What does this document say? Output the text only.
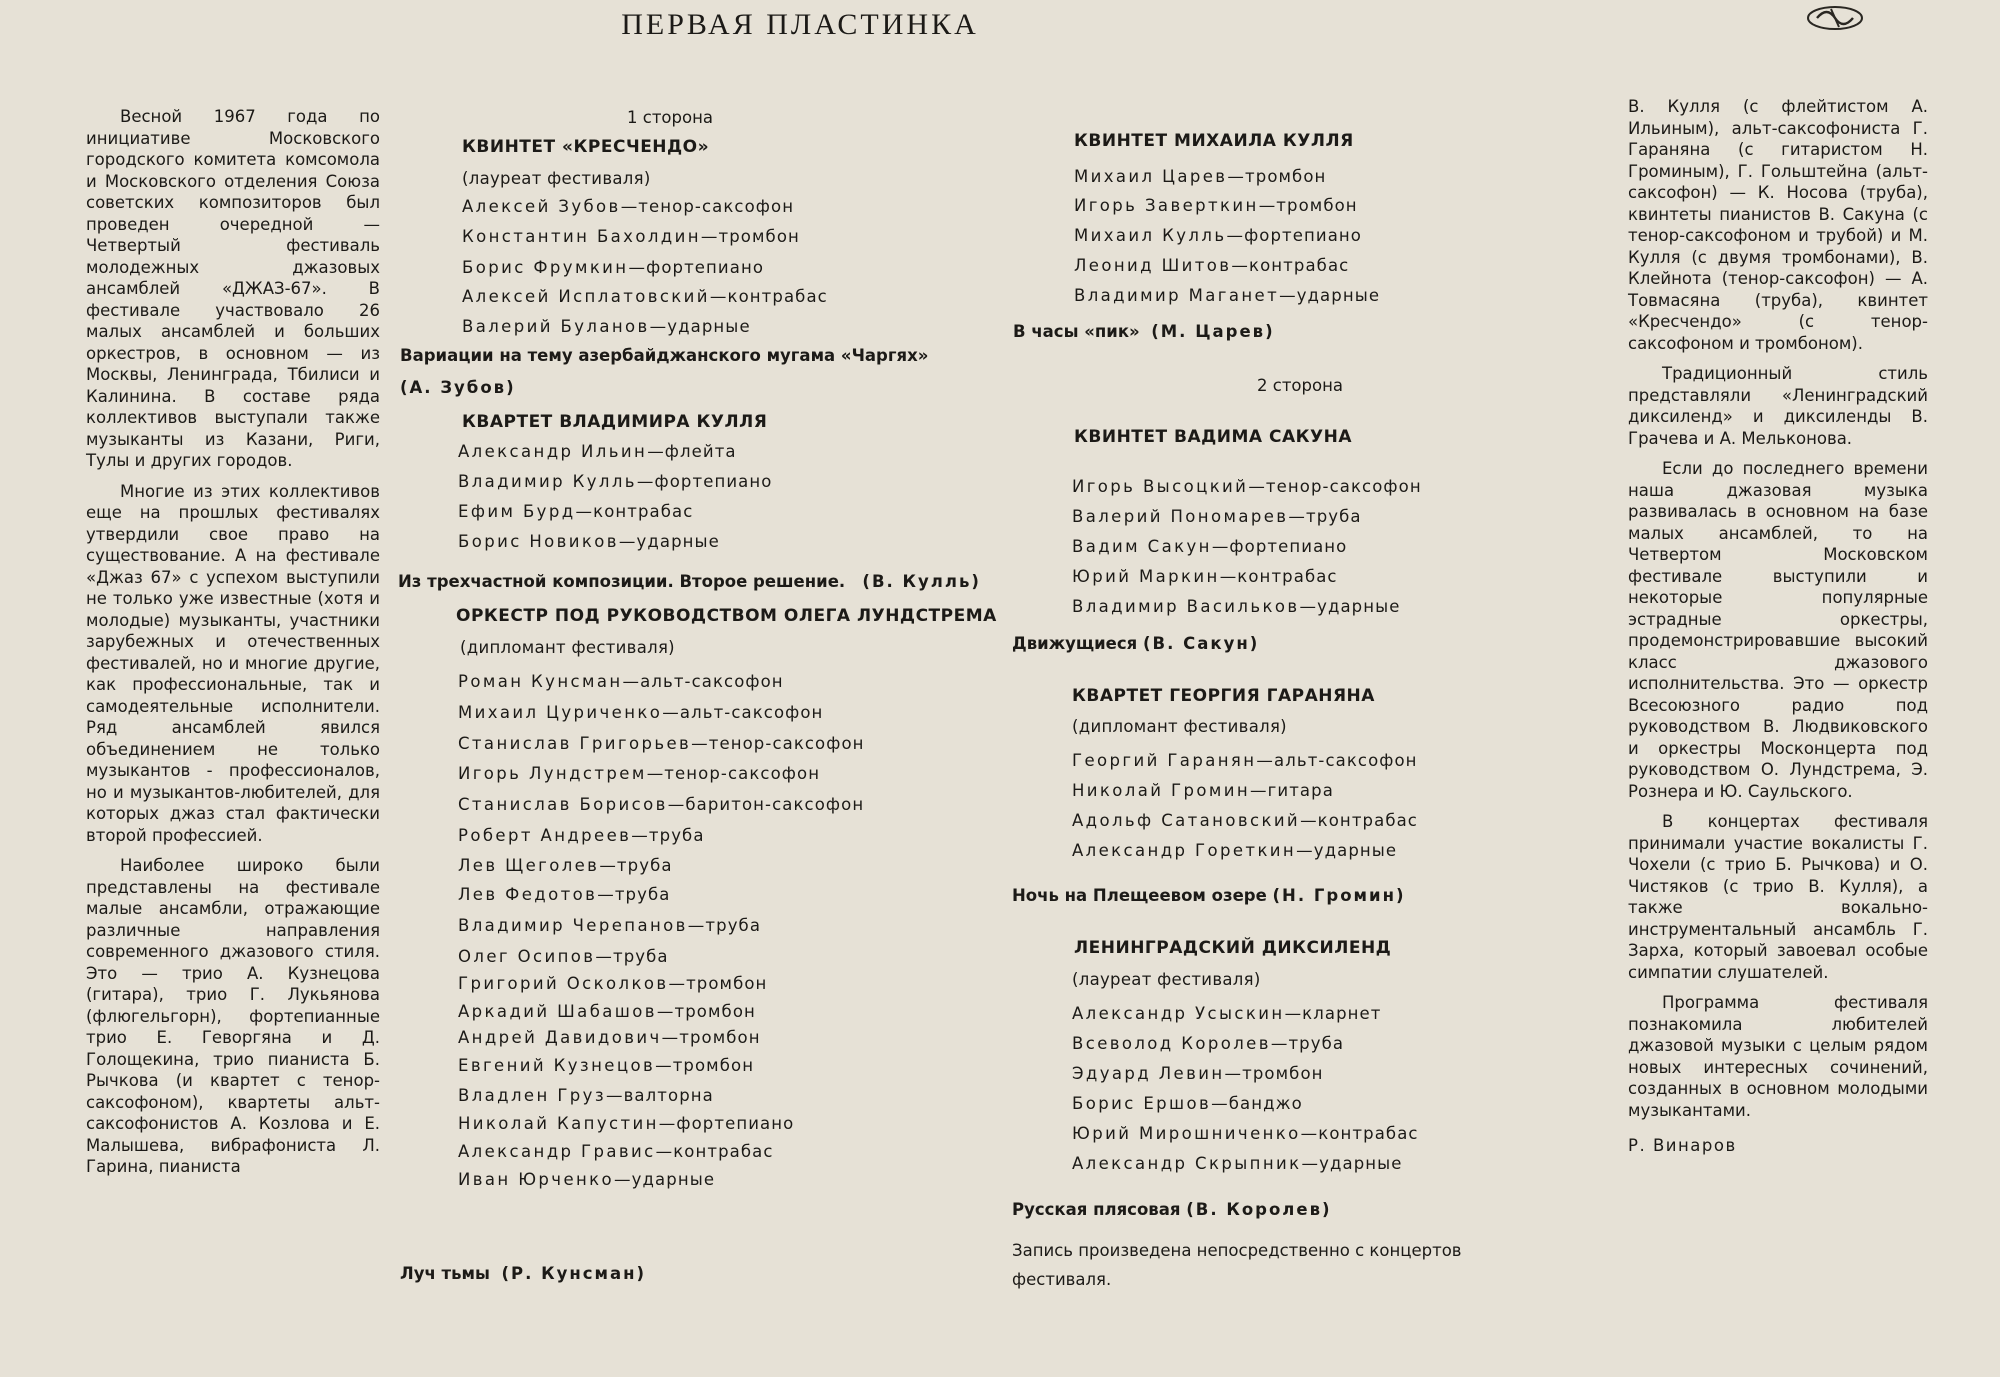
ПЕРВАЯ ПЛАСТИНКА

Весной 1967 года по инициативе Московского городского комитета комсомола и Московского отделения Союза советских композиторов был проведен очередной — Четвертый фестиваль молодежных джазовых ансамблей «ДЖАЗ-67». В фестивале участвовало 26 малых ансамблей и больших оркестров, в основном — из Москвы, Ленинграда, Тбилиси и Калинина. В составе ряда коллективов выступали также музыканты из Казани, Риги, Тулы и других городов.

Многие из этих коллективов еще на прошлых фестивалях утвердили свое право на существование. А на фестивале «Джаз 67» с успехом выступили не только уже известные (хотя и молодые) музыканты, участники зарубежных и отечественных фестивалей, но и многие другие, как профессиональные, так и самодеятельные исполнители. Ряд ансамблей явился объединением не только музыкантов - профессионалов, но и музыкантов-любителей, для которых джаз стал фактически второй профессией.

Наиболее широко были представлены на фестивале малые ансамбли, отражающие различные направления современного джазового стиля. Это — трио А. Кузнецова (гитара), трио Г. Лукьянова (флюгельгорн), фортепианные трио Е. Геворгяна и Д. Голощекина, трио пианиста Б. Рычкова (и квартет с тенор-саксофоном), квартеты альт-саксофонистов А. Козлова и Е. Малышева, вибрафониста Л. Гарина, пианиста

1 сторона
КВИНТЕТ «КРЕСЧЕНДО»
(лауреат фестиваля)
Алексей Зубов—тенор-саксофон
Константин Бахолдин—тромбон
Борис Фрумкин—фортепиано
Алексей Исплатовский—контрабас
Валерий Буланов—ударные
Вариации на тему азербайджанского мугама «Чаргях»
(А. Зубов)
КВАРТЕТ ВЛАДИМИРА КУЛЛЯ
Александр Ильин—флейта
Владимир Кулль—фортепиано
Ефим Бурд—контрабас
Борис Новиков—ударные
Из трехчастной композиции. Второе решение. (В. Кулль)
ОРКЕСТР ПОД РУКОВОДСТВОМ ОЛЕГА ЛУНДСТРЕМА
(дипломант фестиваля)
Роман Кунсман—альт-саксофон
Михаил Цуриченко—альт-саксофон
Станислав Григорьев—тенор-саксофон
Игорь Лундстрем—тенор-саксофон
Станислав Борисов—баритон-саксофон
Роберт Андреев—труба
Лев Щеголев—труба
Лев Федотов—труба
Владимир Черепанов—труба
Олег Осипов—труба
Григорий Осколков—тромбон
Аркадий Шабашов—тромбон
Андрей Давидович—тромбон
Евгений Кузнецов—тромбон
Владлен Груз—валторна
Николай Капустин—фортепиано
Александр Гравис—контрабас
Иван Юрченко—ударные
Луч тьмы (Р. Кунсман)
КВИНТЕТ МИХАИЛА КУЛЛЯ
Михаил Царев—тромбон
Игорь Заверткин—тромбон
Михаил Кулль—фортепиано
Леонид Шитов—контрабас
Владимир Маганет—ударные
В часы «пик» (М. Царев)
2 сторона
КВИНТЕТ ВАДИМА САКУНА
Игорь Высоцкий—тенор-саксофон
Валерий Пономарев—труба
Вадим Сакун—фортепиано
Юрий Маркин—контрабас
Владимир Васильков—ударные
Движущиеся (В. Сакун)
КВАРТЕТ ГЕОРГИЯ ГАРАНЯНА
(дипломант фестиваля)
Георгий Гаранян—альт-саксофон
Николай Громин—гитара
Адольф Сатановский—контрабас
Александр Горeткин—ударные
Ночь на Плещеевом озере (Н. Громин)
ЛЕНИНГРАДСКИЙ ДИКСИЛЕНД
(лауреат фестиваля)
Александр Усыскин—кларнет
Всеволод Королев—труба
Эдуард Левин—тромбон
Борис Ершов—банджо
Юрий Мирошниченко—контрабас
Александр Скрыпник—ударные
Русская плясовая (В. Королев)
Запись произведена непосредственно с концертов фестиваля.

В. Кулля (с флейтистом А. Ильиным), альт-саксофониста Г. Гараняна (с гитаристом Н. Громиным), Г. Гольштейна (альт-саксофон) — К. Носова (труба), квинтеты пианистов В. Сакуна (с тенор-саксофоном и трубой) и М. Кулля (с двумя тромбонами), В. Клейнота (тенор-саксофон) — А. Товмасяна (труба), квинтет «Кресчендо» (с тенор-саксофоном и тромбоном).

Традиционный стиль представляли «Ленинградский диксиленд» и диксиленды В. Грачева и А. Мельконова.

Если до последнего времени наша джазовая музыка развивалась в основном на базе малых ансамблей, то на Четвертом Московском фестивале выступили и некоторые популярные эстрадные оркестры, продемонстрировавшие высокий класс джазового исполнительства. Это — оркестр Всесоюзного радио под руководством В. Людвиковского и оркестры Москонцерта под руководством О. Лундстрема, Э. Рознера и Ю. Саульского.

В концертах фестиваля принимали участие вокалисты Г. Чохели (с трио Б. Рычкова) и О. Чистяков (с трио В. Кулля), а также вокально-инструментальный ансамбль Г. Зарха, который завоевал особые симпатии слушателей.

Программа фестиваля познакомила любителей джазовой музыки с целым рядом новых интересных сочинений, созданных в основном молодыми музыкантами.

Р. Винаров
